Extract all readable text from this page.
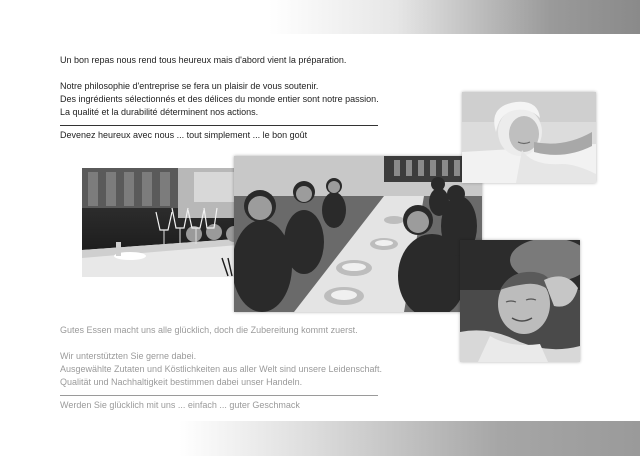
Un bon repas nous rend tous heureux mais d'abord vient la préparation.
Notre philosophie d'entreprise se fera un plaisir de vous soutenir.
Des ingrédients sélectionnés et des délices du monde entier sont notre passion.
La qualité et la durabilité déterminent nos actions.
Devenez heureux avec nous ... tout simplement ... le bon goût
Gutes Essen macht uns alle glücklich, doch die Zubereitung kommt zuerst.
Wir unterstützten Sie gerne dabei.
Ausgewählte Zutaten und Köstlichkeiten aus aller Welt sind unsere Leidenschaft.
Qualität und Nachhaltigkeit bestimmen dabei unser Handeln.
Werden Sie glücklich mit uns ... einfach ... guter Geschmack
